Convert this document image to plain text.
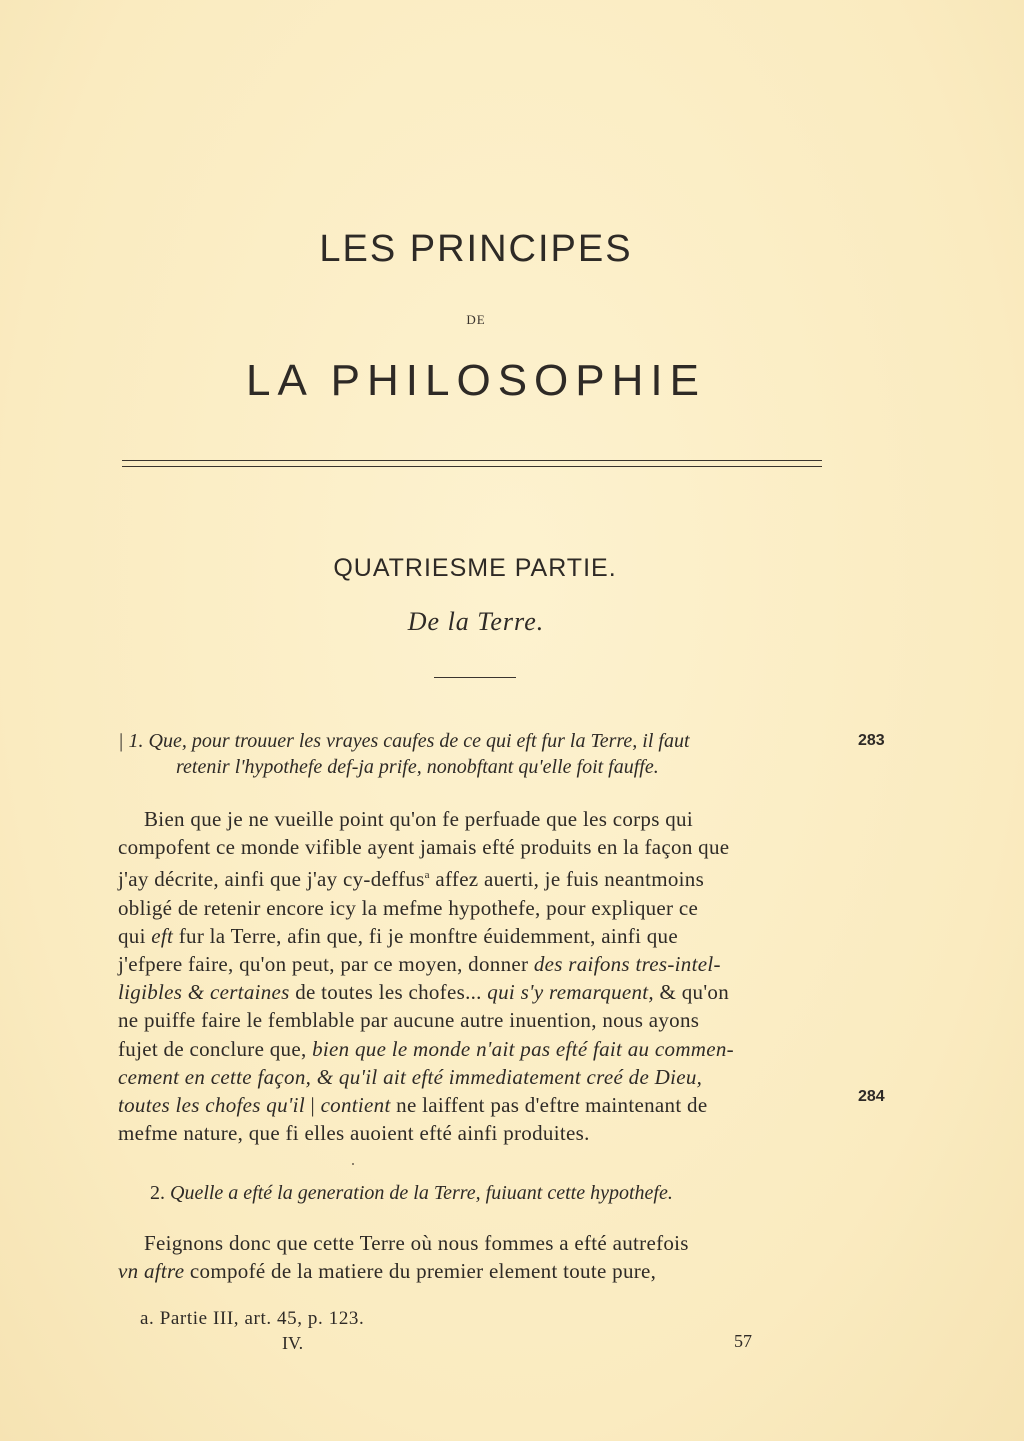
LES PRINCIPES
DE
LA PHILOSOPHIE
QUATRIESME PARTIE.
De la Terre.
| 1. Que, pour trouuer les vrayes caufes de ce qui eft fur la Terre, il faut
retenir l'hypothefe def-ja prife, nonobftant qu'elle foit fauffe.
283
Bien que je ne vueille point qu'on fe perfuade que les corps qui
compofent ce monde vifible ayent jamais efté produits en la façon que
j'ay décrite, ainfi que j'ay cy-deffus$^a$ affez auerti, je fuis neantmoins
obligé de retenir encore icy la mefme hypothefe, pour expliquer ce
qui eft fur la Terre, afin que, fi je monftre éuidemment, ainfi que
j'efpere faire, qu'on peut, par ce moyen, donner des raifons tres-intel-
ligibles & certaines de toutes les chofes... qui s'y remarquent, & qu'on
ne puiffe faire le femblable par aucune autre inuention, nous ayons
fujet de conclure que, bien que le monde n'ait pas efté fait au commen-
cement en cette façon, & qu'il ait efté immediatement creé de Dieu,
toutes les chofes qu'il | contient ne laiffent pas d'eftre maintenant de
mefme nature, que fi elles auoient efté ainfi produites.
284
2. Quelle a efté la generation de la Terre, fuiuant cette hypothefe.
Feignons donc que cette Terre où nous fommes a efté autrefois
vn aftre compofé de la matiere du premier element toute pure,
a. Partie III, art. 45, p. 123.
IV.	57
